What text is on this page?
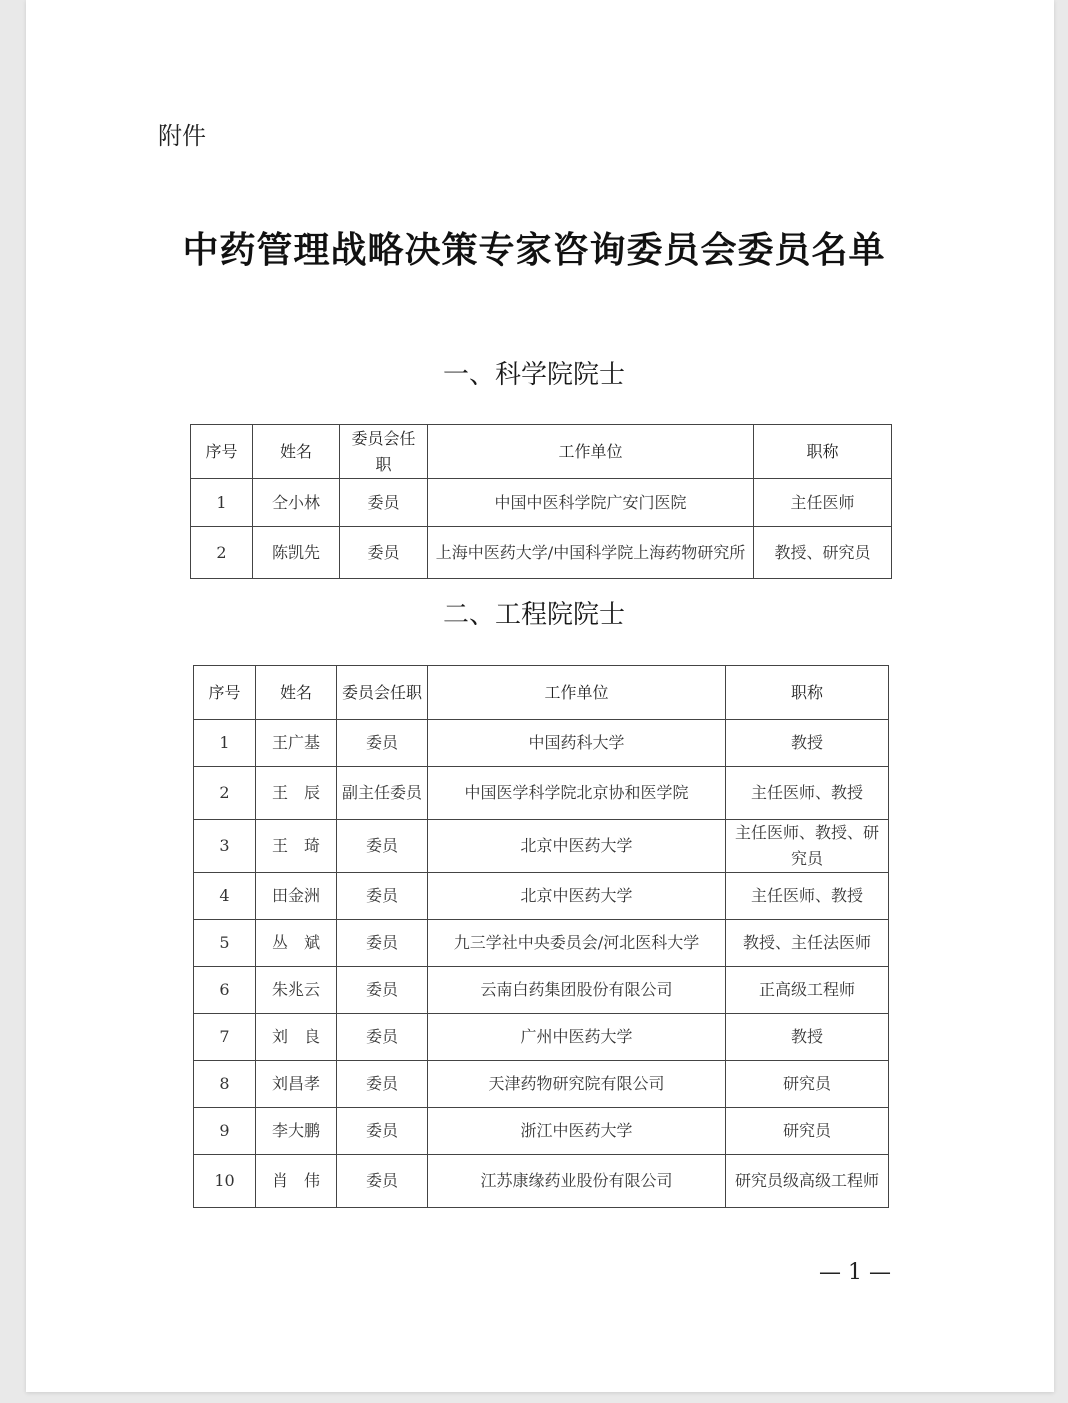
附件
中药管理战略决策专家咨询委员会委员名单
一、科学院院士
序号	姓名	委员会任职	工作单位	职称
1	仝小林	委员	中国中医科学院广安门医院	主任医师
2	陈凯先	委员	上海中医药大学/中国科学院上海药物研究所	教授、研究员
二、工程院院士
序号	姓名	委员会任职	工作单位	职称
1	王广基	委员	中国药科大学	教授
2	王　辰	副主任委员	中国医学科学院北京协和医学院	主任医师、教授
3	王　琦	委员	北京中医药大学	主任医师、教授、研究员
4	田金洲	委员	北京中医药大学	主任医师、教授
5	丛　斌	委员	九三学社中央委员会/河北医科大学	教授、主任法医师
6	朱兆云	委员	云南白药集团股份有限公司	正高级工程师
7	刘　良	委员	广州中医药大学	教授
8	刘昌孝	委员	天津药物研究院有限公司	研究员
9	李大鹏	委员	浙江中医药大学	研究员
10	肖　伟	委员	江苏康缘药业股份有限公司	研究员级高级工程师
— 1 —
